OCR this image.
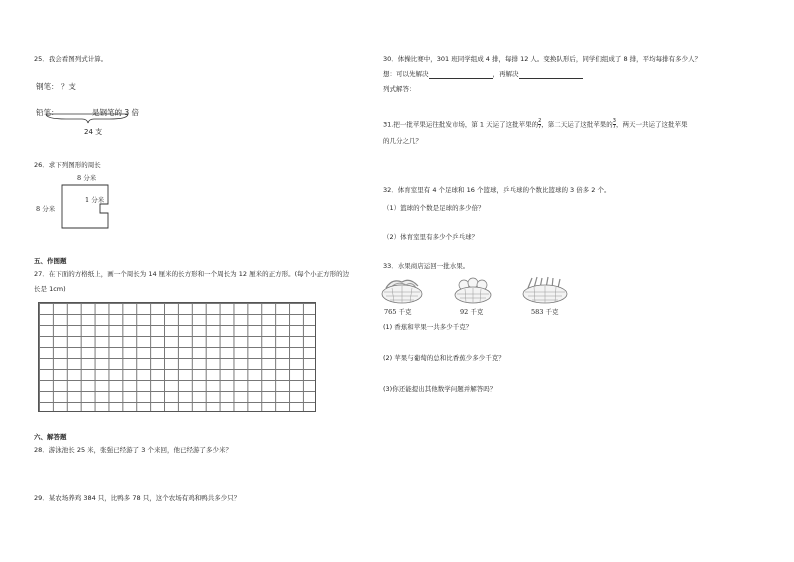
25．我会看图列式计算。
钢笔： ？支
铅笔：	是钢笔的 3 倍
24 支
26．求下列图形的周长
8 分米
8 分米
1 分米
五、作图题
27．在下面的方格纸上，画一个周长为 14 厘米的长方形和一个周长为 12 厘米的正方形。(每个小正方形的边
长是 1cm)
六、解答题
28．游泳池长 25 米，张强已经游了 3 个来回，他已经游了多少米？
29．某农场养鸡 384 只，比鸭多 78 只，这个农场有鸡和鸭共多少只？
30．体操比赛中，301 班同学组成 4 排，每排 12 人。变换队形后，同学们组成了 8 排，平均每排有多少人？
想：可以先解决	，再解决
列式解答：
31.把一批苹果运往批发市场，第 1 天运了这批苹果的 $\frac{2}{7}$ ，第二天运了这批苹果的 $\frac{3}{7}$ ，两天一共运了这批苹果
的几分之几？
32．体育室里有 4 个足球和 16 个篮球，乒乓球的个数比篮球的 3 倍多 2 个。
（1）篮球的个数是足球的多少倍？
（2）体育室里有多少个乒乓球？
33．水果商店运回一批水果。
765 千克	92 千克	583 千克
(1) 香蕉和苹果一共多少千克？
(2) 苹果与葡萄的总和比香蕉少多少千克？
(3)你还能提出其他数学问题并解答吗？
